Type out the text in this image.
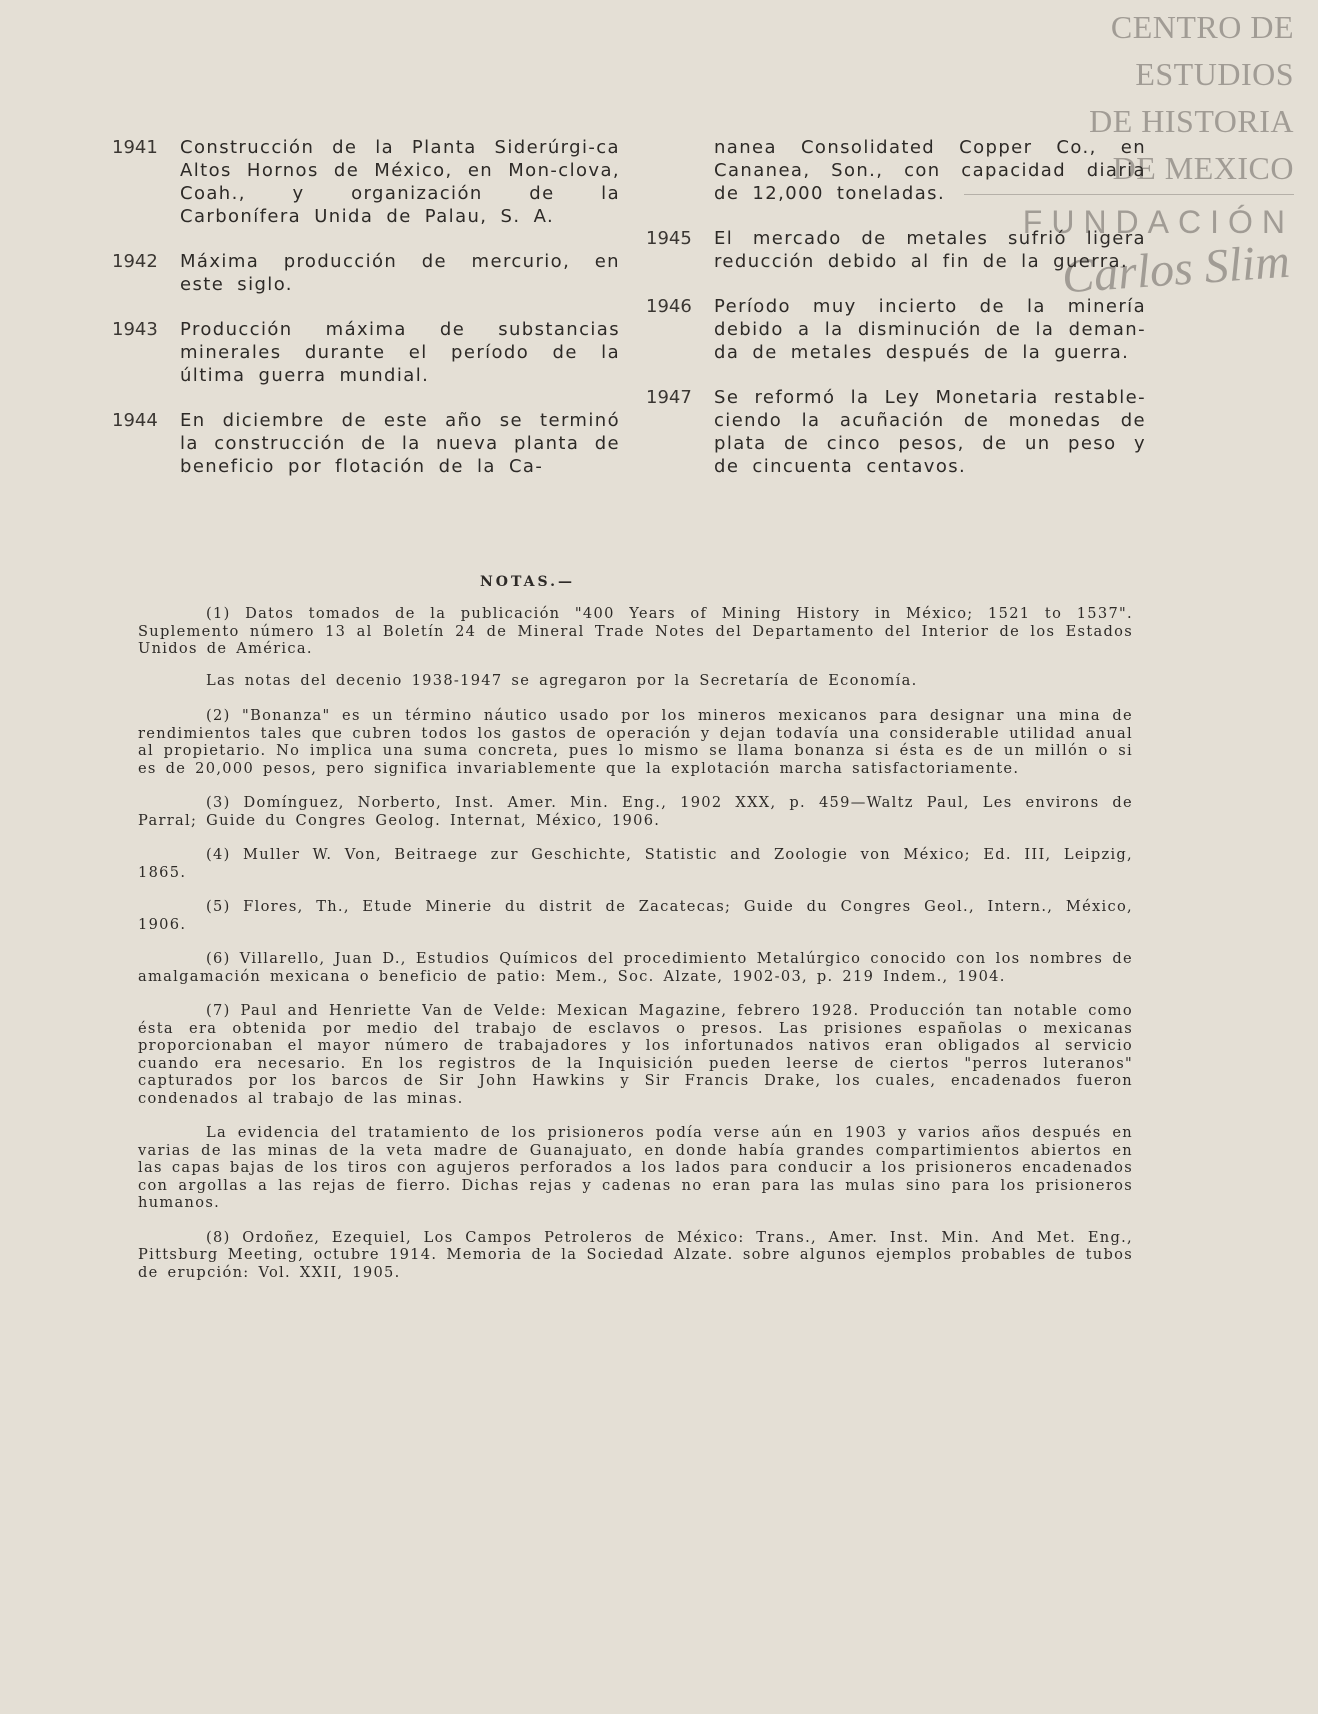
CENTRO DE
ESTUDIOS
DE HISTORIA
DE MEXICO
FUNDACIÓN
Carlos Slim
1941	Construcción de la Planta Siderúrgi-ca Altos Hornos de México, en Mon-clova, Coah., y organización de la Carbonífera Unida de Palau, S. A.
1942	Máxima producción de mercurio, en este siglo.
1943	Producción máxima de substancias minerales durante el período de la última guerra mundial.
1944	En diciembre de este año se terminó la construcción de la nueva planta de beneficio por flotación de la Ca-
nanea Consolidated Copper Co., en Cananea, Son., con capacidad diaria de 12,000 toneladas.
1945	El mercado de metales sufrió ligera reducción debido al fin de la guerra.
1946	Período muy incierto de la minería debido a la disminución de la deman-da de metales después de la guerra.
1947	Se reformó la Ley Monetaria restable-ciendo la acuñación de monedas de plata de cinco pesos, de un peso y de cincuenta centavos.
NOTAS.—
(1) Datos tomados de la publicación "400 Years of Mining History in México; 1521 to 1537". Suplemento número 13 al Boletín 24 de Mineral Trade Notes del Departamento del Interior de los Estados Unidos de América.
Las notas del decenio 1938-1947 se agregaron por la Secretaría de Economía.
(2) "Bonanza" es un término náutico usado por los mineros mexicanos para designar una mina de rendimientos tales que cubren todos los gastos de operación y dejan todavía una considerable utilidad anual al propietario. No implica una suma concreta, pues lo mismo se llama bonanza si ésta es de un millón o si es de 20,000 pesos, pero significa invariablemente que la explotación marcha satisfactoriamente.
(3) Domínguez, Norberto, Inst. Amer. Min. Eng., 1902 XXX, p. 459—Waltz Paul, Les environs de Parral; Guide du Congres Geolog. Internat, México, 1906.
(4) Muller W. Von, Beitraege zur Geschichte, Statistic and Zoologie von México; Ed. III, Leipzig, 1865.
(5) Flores, Th., Etude Minerie du distrit de Zacatecas; Guide du Congres Geol., Intern., México, 1906.
(6) Villarello, Juan D., Estudios Químicos del procedimiento Metalúrgico conocido con los nombres de amalgamación mexicana o beneficio de patio: Mem., Soc. Alzate, 1902-03, p. 219 Indem., 1904.
(7) Paul and Henriette Van de Velde: Mexican Magazine, febrero 1928. Producción tan notable como ésta era obtenida por medio del trabajo de esclavos o presos. Las prisiones españolas o mexicanas proporcionaban el mayor número de trabajadores y los infortunados nativos eran obligados al servicio cuando era necesario. En los registros de la Inquisición pueden leerse de ciertos "perros luteranos" capturados por los barcos de Sir John Hawkins y Sir Francis Drake, los cuales, encadenados fueron condenados al trabajo de las minas.
La evidencia del tratamiento de los prisioneros podía verse aún en 1903 y varios años después en varias de las minas de la veta madre de Guanajuato, en donde había grandes compartimientos abiertos en las capas bajas de los tiros con agujeros perforados a los lados para conducir a los prisioneros encadenados con argollas a las rejas de fierro. Dichas rejas y cadenas no eran para las mulas sino para los prisioneros humanos.
(8) Ordoñez, Ezequiel, Los Campos Petroleros de México: Trans., Amer. Inst. Min. And Met. Eng., Pittsburg Meeting, octubre 1914. Memoria de la Sociedad Alzate. sobre algunos ejemplos probables de tubos de erupción: Vol. XXII, 1905.
